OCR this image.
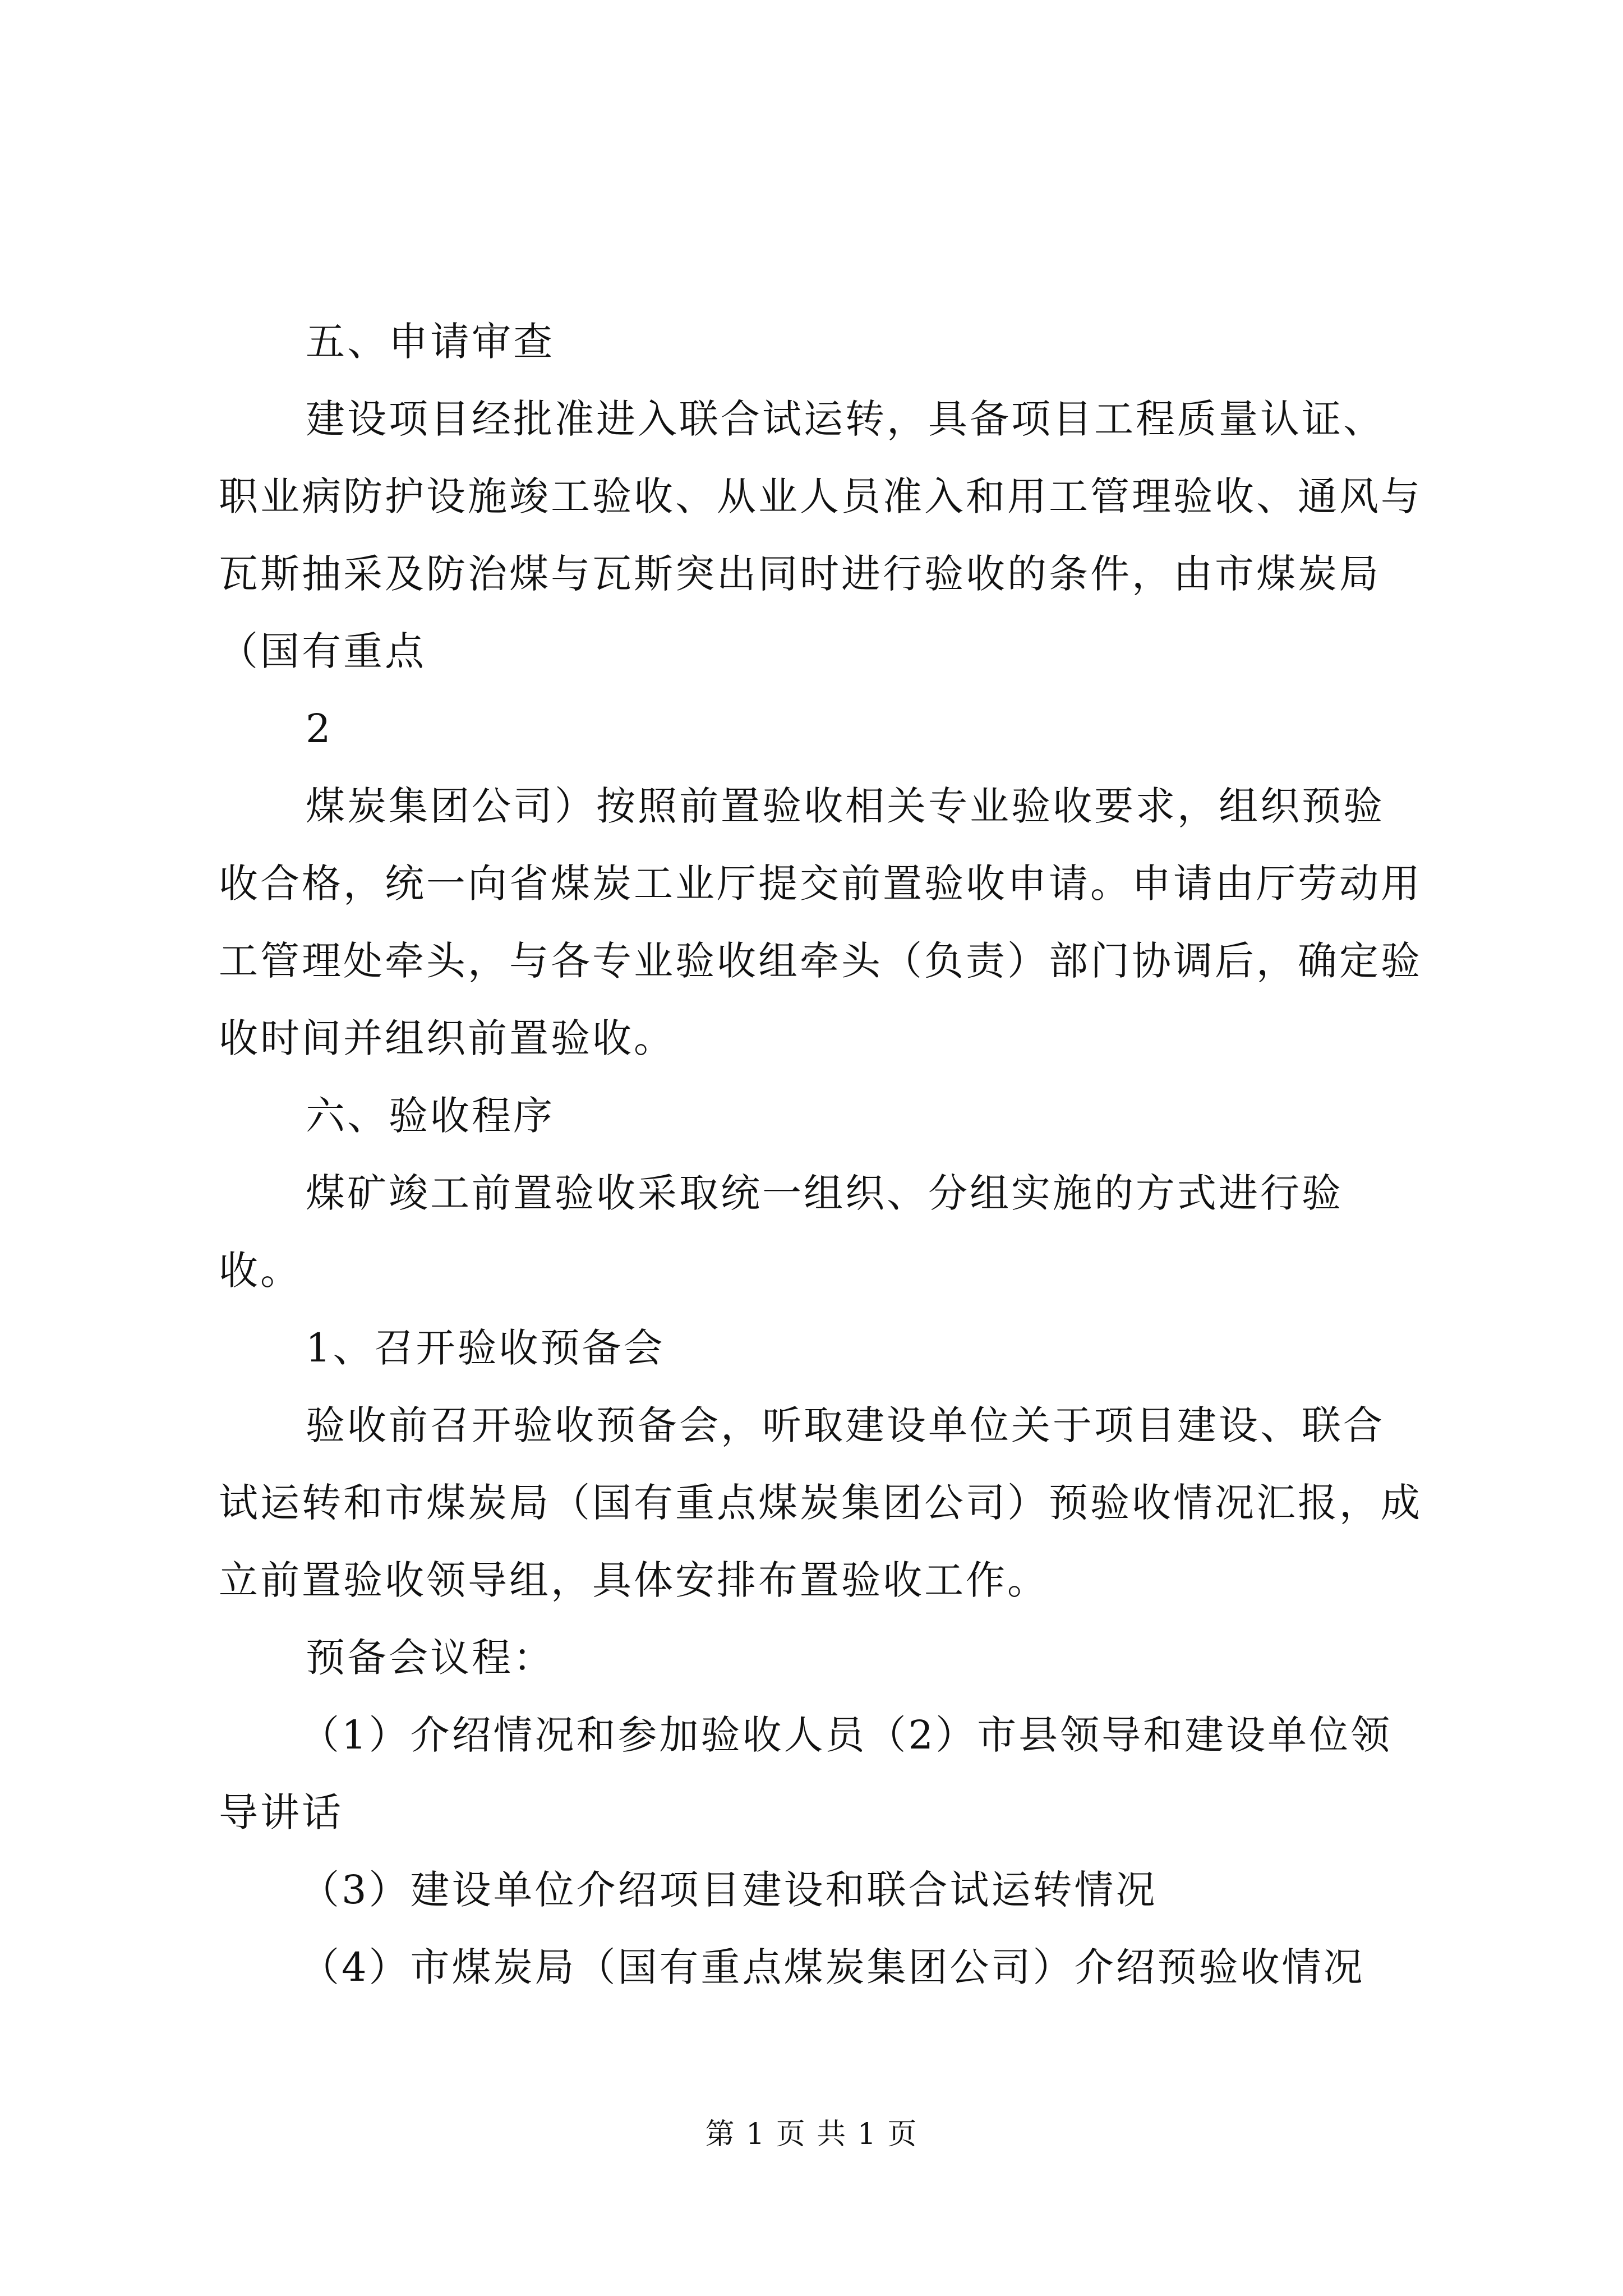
五、申请审查

建设项目经批准进入联合试运转，具备项目工程质量认证、职业病防护设施竣工验收、从业人员准入和用工管理验收、通风与瓦斯抽采及防治煤与瓦斯突出同时进行验收的条件，由市煤炭局（国有重点

2

煤炭集团公司）按照前置验收相关专业验收要求，组织预验收合格，统一向省煤炭工业厅提交前置验收申请。申请由厅劳动用工管理处牵头，与各专业验收组牵头（负责）部门协调后，确定验收时间并组织前置验收。

六、验收程序

煤矿竣工前置验收采取统一组织、分组实施的方式进行验收。

1、召开验收预备会

验收前召开验收预备会，听取建设单位关于项目建设、联合试运转和市煤炭局（国有重点煤炭集团公司）预验收情况汇报，成立前置验收领导组，具体安排布置验收工作。

预备会议程：

（1）介绍情况和参加验收人员（2）市县领导和建设单位领导讲话

（3）建设单位介绍项目建设和联合试运转情况

（4）市煤炭局（国有重点煤炭集团公司）介绍预验收情况

第 1 页 共 1 页
